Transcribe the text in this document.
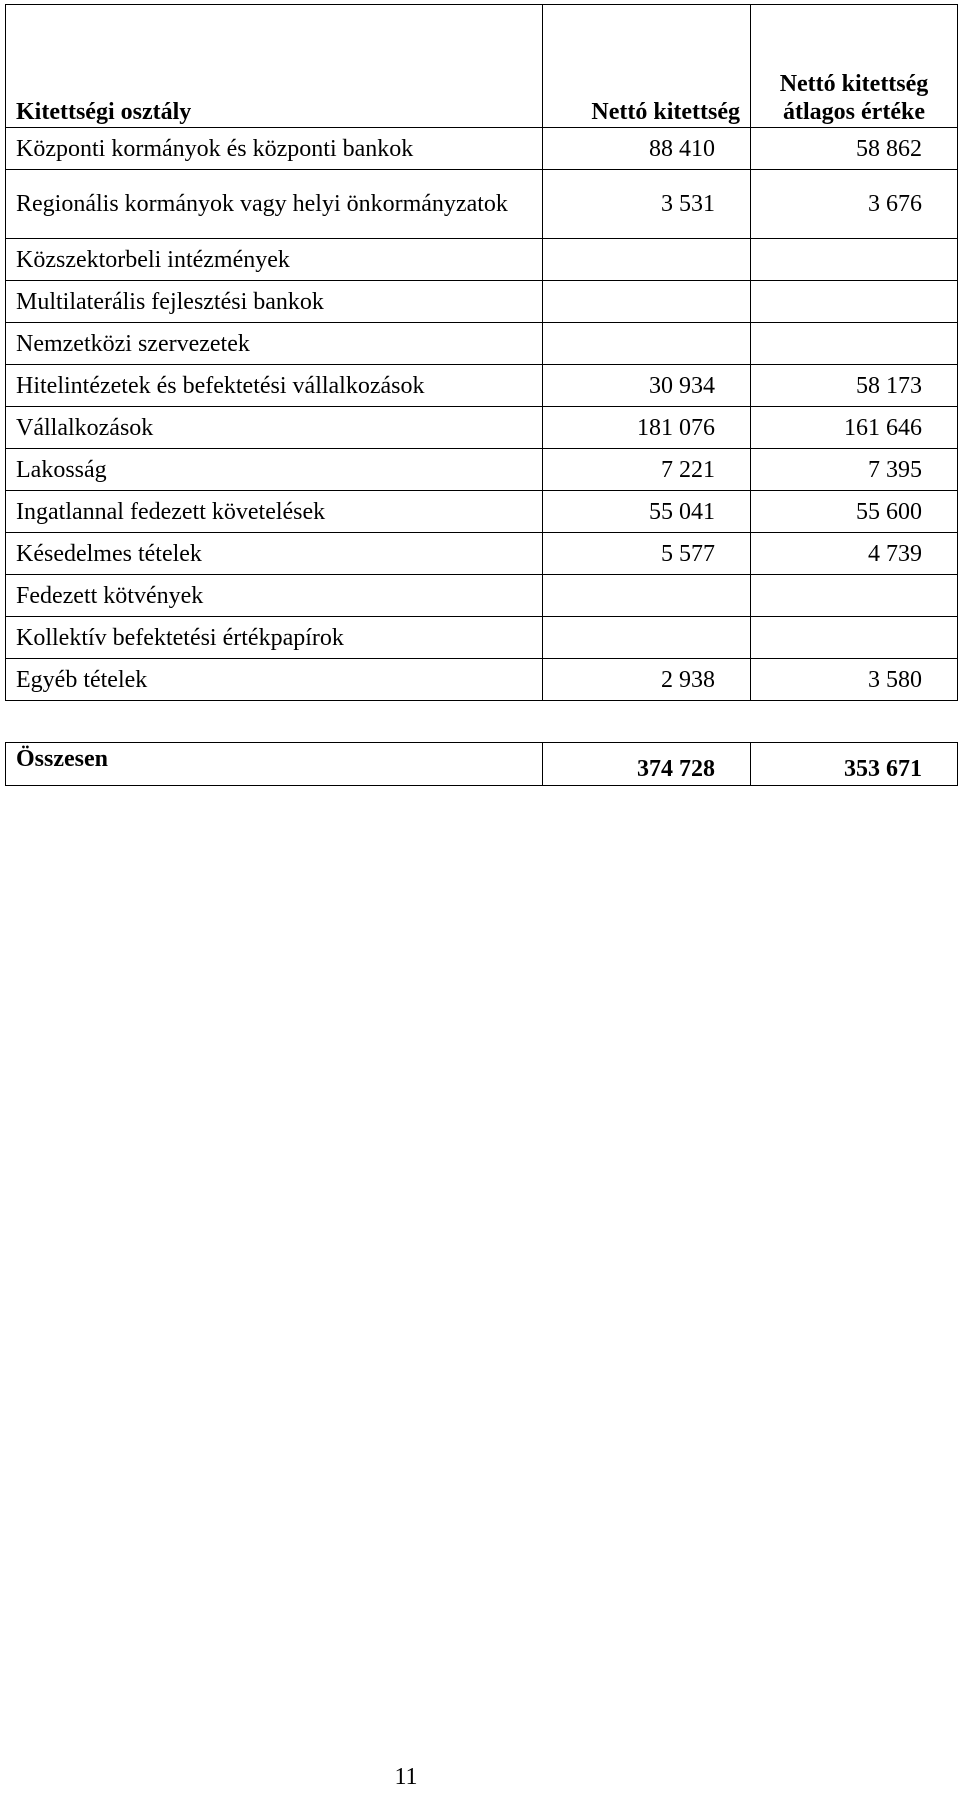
Kitettségi osztály	Nettó kitettség	Nettó kitettség átlagos értéke
Központi kormányok és központi bankok	88 410	58 862
Regionális kormányok vagy helyi önkormányzatok	3 531	3 676
Közszektorbeli intézmények		
Multilaterális fejlesztési bankok		
Nemzetközi szervezetek		
Hitelintézetek és befektetési vállalkozások	30 934	58 173
Vállalkozások	181 076	161 646
Lakosság	7 221	7 395
Ingatlannal fedezett követelések	55 041	55 600
Késedelmes tételek	5 577	4 739
Fedezett kötvények		
Kollektív befektetési értékpapírok		
Egyéb tételek	2 938	3 580
Összesen	374 728	353 671
11
